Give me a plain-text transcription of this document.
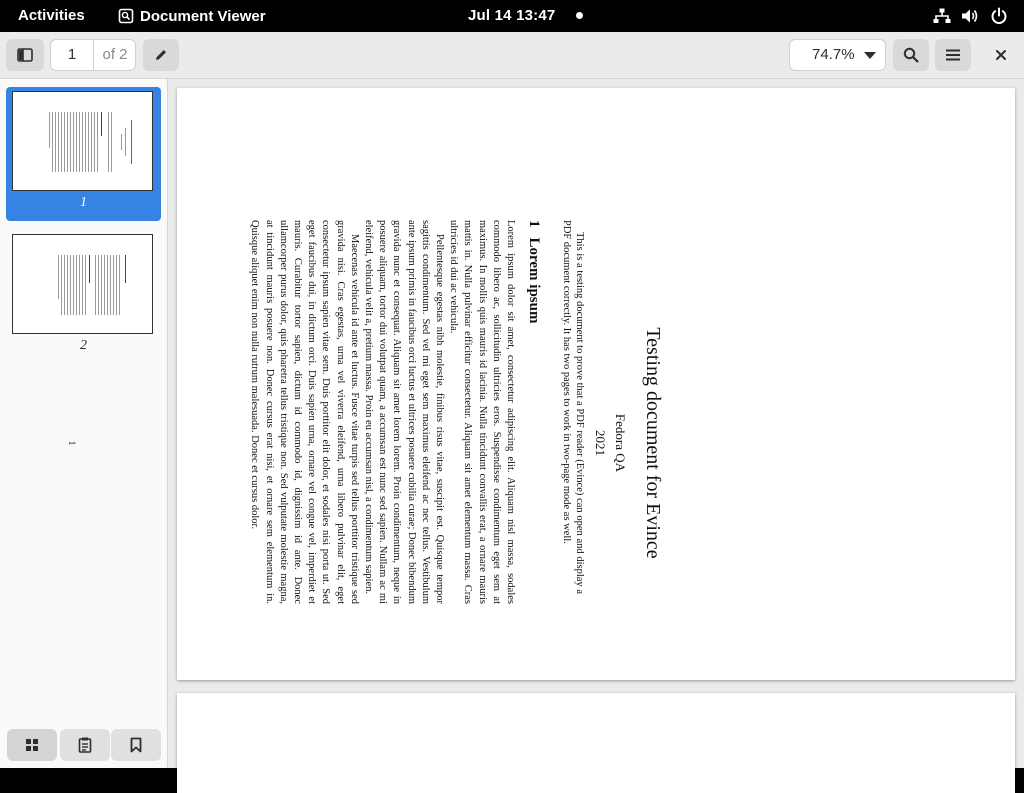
Activities	Document Viewer	Jul 14 13:47
1	of 2	74.7%
1
2	Testing document for Evince
Fedora QA
2021
This is a testing document to prove that a PDF reader (Evince) can open and display a PDF document correctly. It has two pages to work in two-page mode as well.
1Lorem ipsum

Lorem ipsum dolor sit amet, consectetur adipiscing elit. Aliquam nisl massa, sodales commodo libero ac, sollicitudin ultricies eros. Suspendisse condimentum eget sem at maximus. In mollis quis mauris id lacinia. Nulla tincidunt convallis erat, a ornare mauris mattis in. Nulla pulvinar efficitur consectetur. Aliquam sit amet elementum massa. Cras ultricies id dui ac vehicula.

Pellentesque egestas nibh molestie, finibus risus vitae, suscipit est. Quisque tempor sagittis condimentum. Sed vel mi eget sem maximus eleifend ac nec tellus. Vestibulum ante ipsum primis in faucibus orci luctus et ultrices posuere cubilia curae; Donec bibendum gravida nunc et consequat. Aliquam sit amet lorem lorem. Proin condimentum, neque in posuere aliquam, tortor dui volutpat quam, a accumsan est nunc sed sapien. Nullam ac mi eleifend, vehicula velit a, pretium massa. Proin eu accumsan nisl, a condimentum sapien.

Maecenas vehicula id ante et luctus. Fusce vitae turpis sed tellus porttitor tristique sed gravida nisi. Cras egestas, urna vel viverra eleifend, urna libero pulvinar elit, eget consectetur ipsum sapien vitae sem. Duis porttitor elit dolor, et sodales nisi porta ut. Sed eget faucibus dui, in dictum orci. Duis sapien urna, ornare vel congue vel, imperdiet et mauris. Curabitur tortor sapien, dictum id commodo id, dignissim id ante. Donec ullamcorper purus dolor, quis pharetra tellus tristique non. Sed vulputate molestie magna, at tincidunt mauris posuere non. Donec cursus erat nisi, et ornare sem elementum in. Quisque aliquet enim non nulla rutrum malesuada. Donec et cursus dolor.

1
